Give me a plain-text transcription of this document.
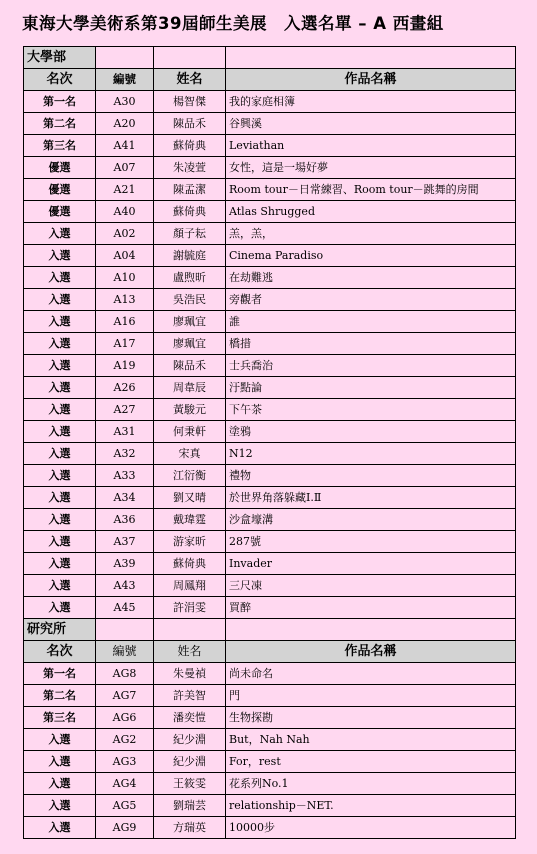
東海大學美術系第39屆師生美展　入選名單 – A 西畫組
大學部			
名次	編號	姓名	作品名稱
第一名	A30	楊智傑	我的家庭相簿
第二名	A20	陳品禾	谷興溪
第三名	A41	蘇倚典	Leviathan
優選	A07	朱凌萱	女性，這是一場好夢
優選	A21	陳孟潔	Room tour－日常練習、Room tour－跳舞的房間
優選	A40	蘇倚典	Atlas Shrugged
入選	A02	顏子耘	羔，羔，
入選	A04	謝毓庭	Cinema Paradiso
入選	A10	盧煦昕	在劫難逃
入選	A13	吳浩民	旁觀者
入選	A16	廖珮宜	誰
入選	A17	廖珮宜	橋措
入選	A19	陳品禾	士兵喬治
入選	A26	周韋辰	汙點論
入選	A27	黃駿元	下午茶
入選	A31	何秉軒	塗鴉
入選	A32	宋真	N12
入選	A33	江衍衡	禮物
入選	A34	劉又晴	於世界角落躲藏Ⅰ.Ⅱ
入選	A36	戴瑋霆	沙盒壕溝
入選	A37	游家昕	287號
入選	A39	蘇倚典	Invader
入選	A43	周鳳翔	三尺凍
入選	A45	許涓雯	買醉
研究所			
名次	編號	姓名	作品名稱
第一名	AG8	朱曼禎	尚未命名
第二名	AG7	許美智	門
第三名	AG6	潘奕愷	生物探勘
入選	AG2	紀少淵	But，Nah Nah
入選	AG3	紀少淵	For，rest
入選	AG4	王筱雯	花系列No.1
入選	AG5	劉瑞芸	relationship－NET.
入選	AG9	方瑞英	10000步
